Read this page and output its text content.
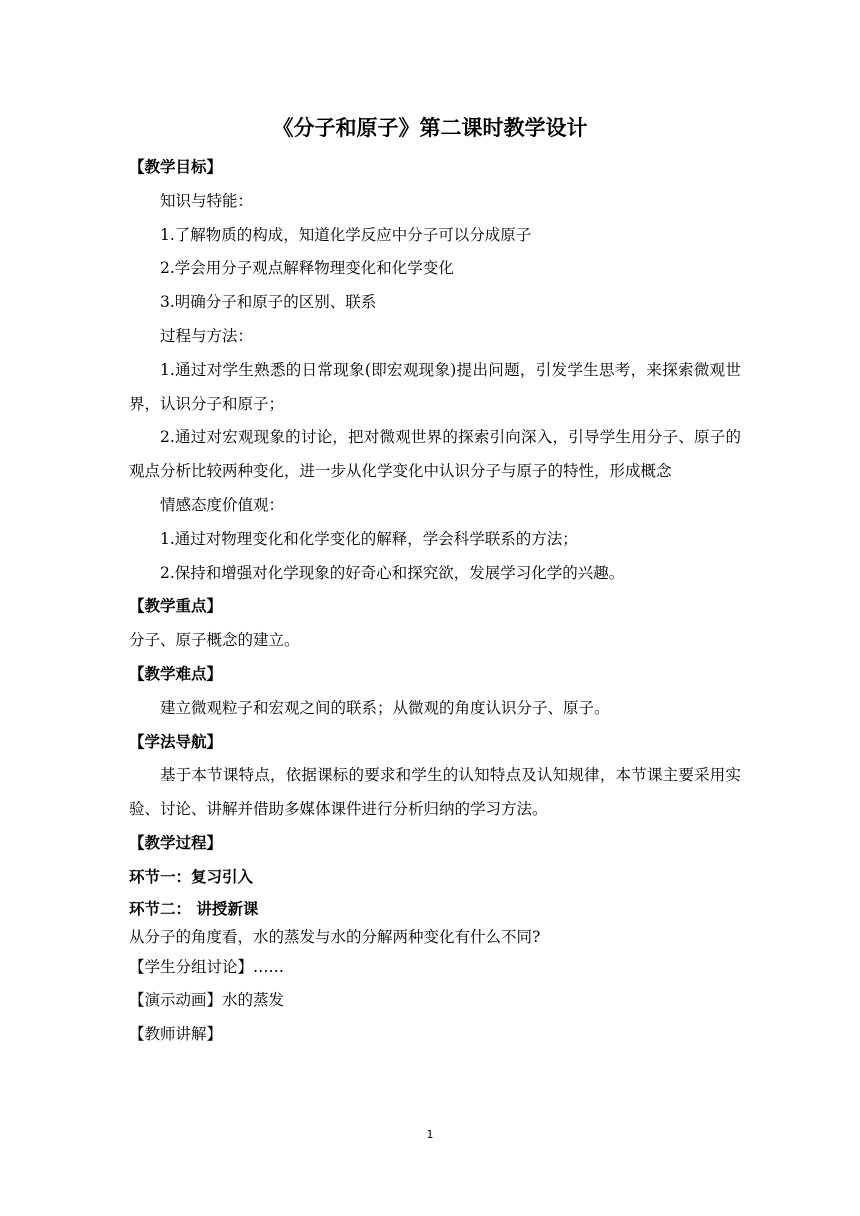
《分子和原子》第二课时教学设计

【教学目标】

知识与特能：

1.了解物质的构成，知道化学反应中分子可以分成原子

2.学会用分子观点解释物理变化和化学变化

3.明确分子和原子的区别、联系

过程与方法：

1.通过对学生熟悉的日常现象(即宏观现象)提出问题，引发学生思考，来探索微观世界，认识分子和原子；

2.通过对宏观现象的讨论，把对微观世界的探索引向深入，引导学生用分子、原子的观点分析比较两种变化，进一步从化学变化中认识分子与原子的特性，形成概念

情感态度价值观：

1.通过对物理变化和化学变化的解释，学会科学联系的方法；

2.保持和增强对化学现象的好奇心和探究欲，发展学习化学的兴趣。

【教学重点】

分子、原子概念的建立。

【教学难点】

建立微观粒子和宏观之间的联系；从微观的角度认识分子、原子。

【学法导航】

基于本节课特点，依据课标的要求和学生的认知特点及认知规律，本节课主要采用实验、讨论、讲解并借助多媒体课件进行分析归纳的学习方法。

【教学过程】

环节一：复习引入

环节二： 讲授新课

从分子的角度看，水的蒸发与水的分解两种变化有什么不同?

【学生分组讨论】……

【演示动画】水的蒸发

【教师讲解】

1
